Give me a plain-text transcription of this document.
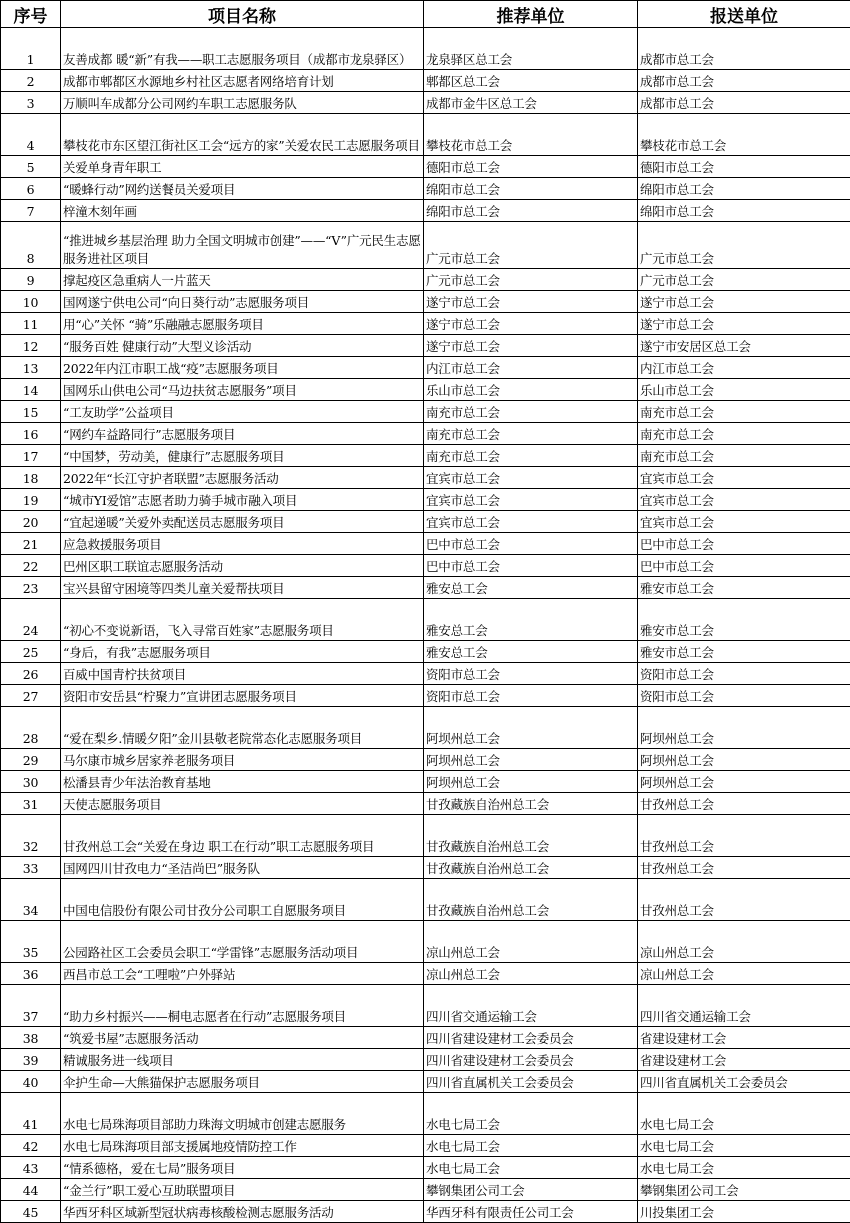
序号	项目名称	推荐单位	报送单位
1	友善成都 暖“新”有我——职工志愿服务项目（成都市龙泉驿区）	龙泉驿区总工会	成都市总工会
2	成都市郫都区水源地乡村社区志愿者网络培育计划	郫都区总工会	成都市总工会
3	万顺叫车成都分公司网约车职工志愿服务队	成都市金牛区总工会	成都市总工会
4	攀枝花市东区望江街社区工会“远方的家”关爱农民工志愿服务项目	攀枝花市总工会	攀枝花市总工会
5	关爱单身青年职工	德阳市总工会	德阳市总工会
6	“暖蜂行动”网约送餐员关爱项目	绵阳市总工会	绵阳市总工会
7	梓潼木刻年画	绵阳市总工会	绵阳市总工会
8	“推进城乡基层治理 助力全国文明城市创建”——“V”广元民生志愿服务进社区项目	广元市总工会	广元市总工会
9	撑起疫区急重病人一片蓝天	广元市总工会	广元市总工会
10	国网遂宁供电公司“向日葵行动”志愿服务项目	遂宁市总工会	遂宁市总工会
11	用“心”关怀 “骑”乐融融志愿服务项目	遂宁市总工会	遂宁市总工会
12	“服务百姓 健康行动”大型义诊活动	遂宁市总工会	遂宁市安居区总工会
13	2022年内江市职工战“疫”志愿服务项目	内江市总工会	内江市总工会
14	国网乐山供电公司“马边扶贫志愿服务”项目	乐山市总工会	乐山市总工会
15	“工友助学”公益项目	南充市总工会	南充市总工会
16	“网约车益路同行”志愿服务项目	南充市总工会	南充市总工会
17	“中国梦，劳动美，健康行”志愿服务项目	南充市总工会	南充市总工会
18	2022年“长江守护者联盟”志愿服务活动	宜宾市总工会	宜宾市总工会
19	“城市YI爱馆”志愿者助力骑手城市融入项目	宜宾市总工会	宜宾市总工会
20	“宜起递暖”关爱外卖配送员志愿服务项目	宜宾市总工会	宜宾市总工会
21	应急救援服务项目	巴中市总工会	巴中市总工会
22	巴州区职工联谊志愿服务活动	巴中市总工会	巴中市总工会
23	宝兴县留守困境等四类儿童关爱帮扶项目	雅安总工会	雅安市总工会
24	“初心不变说新语，飞入寻常百姓家”志愿服务项目	雅安总工会	雅安市总工会
25	“身后，有我”志愿服务项目	雅安总工会	雅安市总工会
26	百威中国青柠扶贫项目	资阳市总工会	资阳市总工会
27	资阳市安岳县“柠聚力”宣讲团志愿服务项目	资阳市总工会	资阳市总工会
28	“爱在梨乡.情暖夕阳”金川县敬老院常态化志愿服务项目	阿坝州总工会	阿坝州总工会
29	马尔康市城乡居家养老服务项目	阿坝州总工会	阿坝州总工会
30	松潘县青少年法治教育基地	阿坝州总工会	阿坝州总工会
31	天使志愿服务项目	甘孜藏族自治州总工会	甘孜州总工会
32	甘孜州总工会“关爱在身边 职工在行动”职工志愿服务项目	甘孜藏族自治州总工会	甘孜州总工会
33	国网四川甘孜电力“圣洁尚巴”服务队	甘孜藏族自治州总工会	甘孜州总工会
34	中国电信股份有限公司甘孜分公司职工自愿服务项目	甘孜藏族自治州总工会	甘孜州总工会
35	公园路社区工会委员会职工“学雷锋”志愿服务活动项目	凉山州总工会	凉山州总工会
36	西昌市总工会“工哩啦”户外驿站	凉山州总工会	凉山州总工会
37	“助力乡村振兴——桐电志愿者在行动”志愿服务项目	四川省交通运输工会	四川省交通运输工会
38	“筑爱书屋”志愿服务活动	四川省建设建材工会委员会	省建设建材工会
39	精诚服务进一线项目	四川省建设建材工会委员会	省建设建材工会
40	伞护生命—大熊猫保护志愿服务项目	四川省直属机关工会委员会	四川省直属机关工会委员会
41	水电七局珠海项目部助力珠海文明城市创建志愿服务	水电七局工会	水电七局工会
42	水电七局珠海项目部支援属地疫情防控工作	水电七局工会	水电七局工会
43	“情系德格，爱在七局”服务项目	水电七局工会	水电七局工会
44	“金兰行”职工爱心互助联盟项目	攀钢集团公司工会	攀钢集团公司工会
45	华西牙科区域新型冠状病毒核酸检测志愿服务活动	华西牙科有限责任公司工会	川投集团工会
